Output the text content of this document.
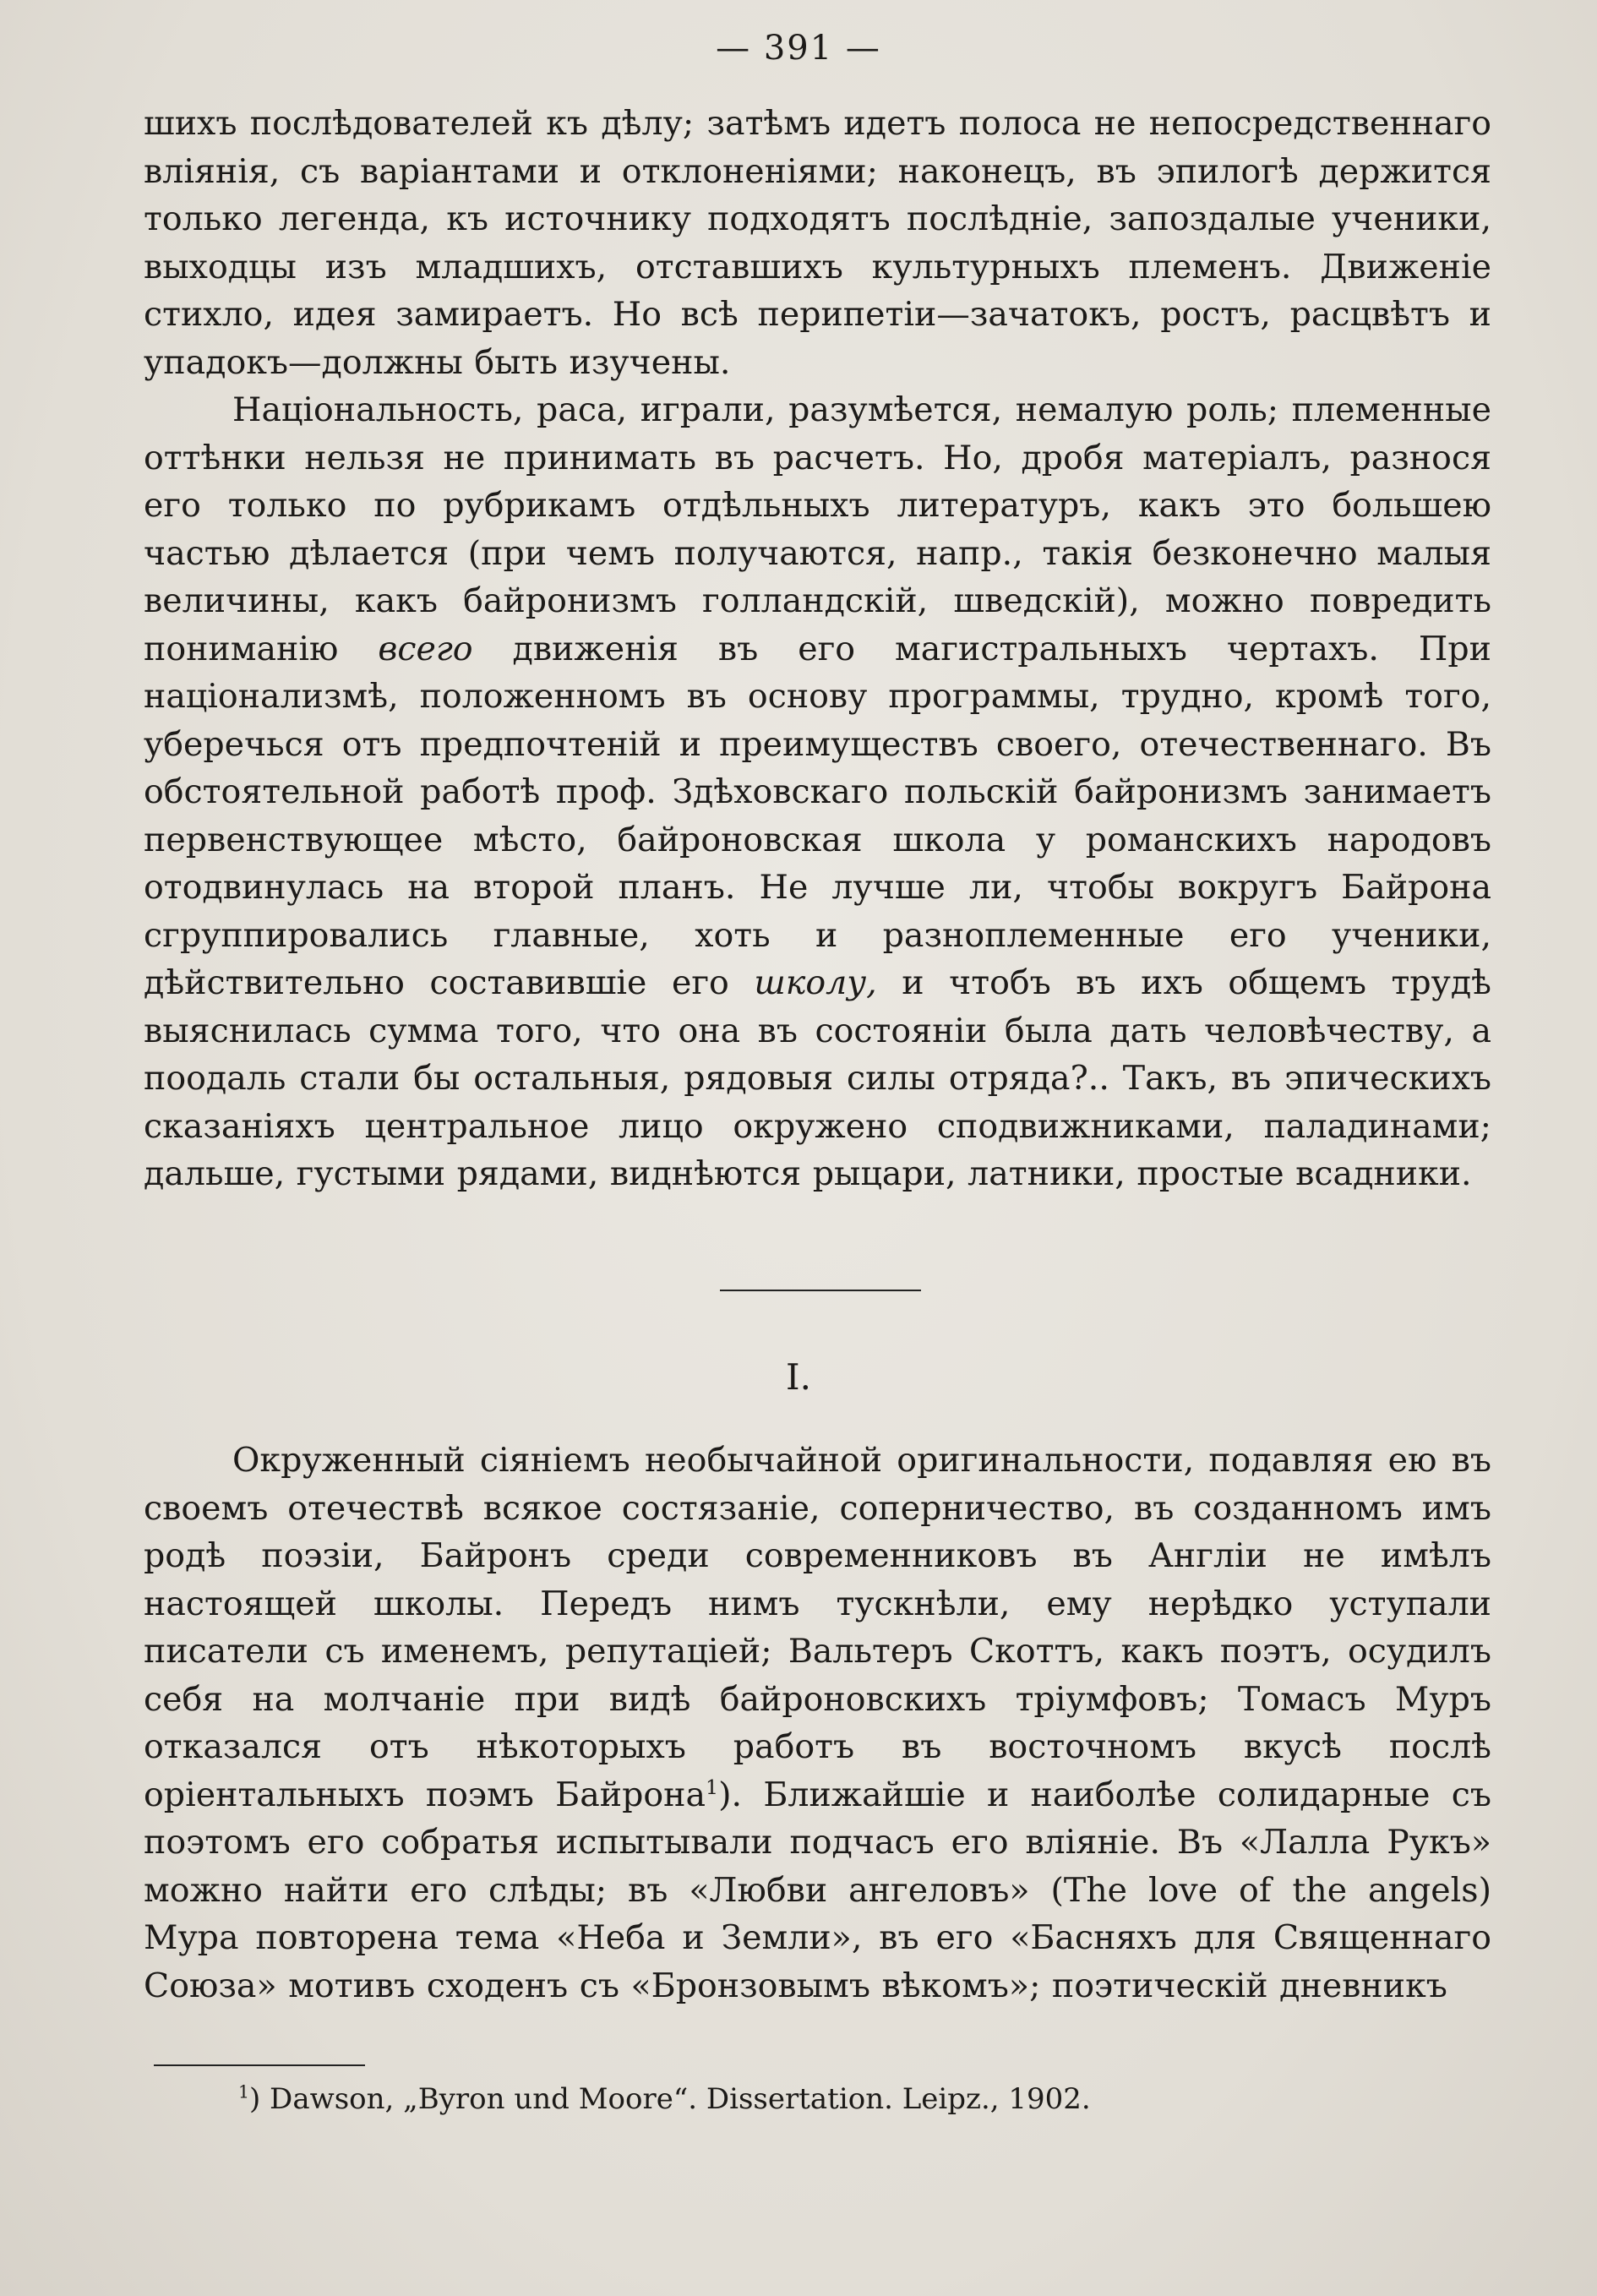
— 391 —

шихъ послѣдователей къ дѣлу; затѣмъ идетъ полоса не непосредственнаго вліянія, съ варіантами и отклоненіями; наконецъ, въ эпилогѣ держится только легенда, къ источнику подходятъ послѣдніе, запоздалые ученики, выходцы изъ младшихъ, отставшихъ культурныхъ племенъ. Движеніе стихло, идея замираетъ. Но всѣ перипетіи—зачатокъ, ростъ, расцвѣтъ и упадокъ—должны быть изучены.

Національность, раса, играли, разумѣется, немалую роль; племенные оттѣнки нельзя не принимать въ расчетъ. Но, дробя матеріалъ, разнося его только по рубрикамъ отдѣльныхъ литературъ, какъ это большею частью дѣлается (при чемъ получаются, напр., такія безконечно малыя величины, какъ байронизмъ голландскій, шведскій), можно повредить пониманію всего движенія въ его магистральныхъ чертахъ. При націонализмѣ, положенномъ въ основу программы, трудно, кромѣ того, уберечься отъ предпочтеній и преимуществъ своего, отечественнаго. Въ обстоятельной работѣ проф. Здѣховскаго польскій байронизмъ занимаетъ первенствующее мѣсто, байроновская школа у романскихъ народовъ отодвинулась на второй планъ. Не лучше ли, чтобы вокругъ Байрона сгруппировались главные, хоть и разноплеменные его ученики, дѣйствительно составившіе его школу, и чтобъ въ ихъ общемъ трудѣ выяснилась сумма того, что она въ состояніи была дать человѣчеству, а поодаль стали бы остальныя, рядовыя силы отряда?.. Такъ, въ эпическихъ сказаніяхъ центральное лицо окружено сподвижниками, паладинами; дальше, густыми рядами, виднѣются рыцари, латники, простые всадники.

I.

Окруженный сіяніемъ необычайной оригинальности, подавляя ею въ своемъ отечествѣ всякое состязаніе, соперничество, въ созданномъ имъ родѣ поэзіи, Байронъ среди современниковъ въ Англіи не имѣлъ настоящей школы. Передъ нимъ тускнѣли, ему нерѣдко уступали писатели съ именемъ, репутаціей; Вальтеръ Скоттъ, какъ поэтъ, осудилъ себя на молчаніе при видѣ байроновскихъ тріумфовъ; Томасъ Муръ отказался отъ нѣкоторыхъ работъ въ восточномъ вкусѣ послѣ оріентальныхъ поэмъ Байрона$^1$). Ближайшіе и наиболѣе солидарные съ поэтомъ его собратья испытывали подчасъ его вліяніе. Въ «Лалла Рукъ» можно найти его слѣды; въ «Любви ангеловъ» (The love of the angels) Мура повторена тема «Неба и Земли», въ его «Басняхъ для Священнаго Союза» мотивъ сходенъ съ «Бронзовымъ вѣкомъ»; поэтическій дневникъ

$^1$) Dawson, „Byron und Moore“. Dissertation. Leipz., 1902.
